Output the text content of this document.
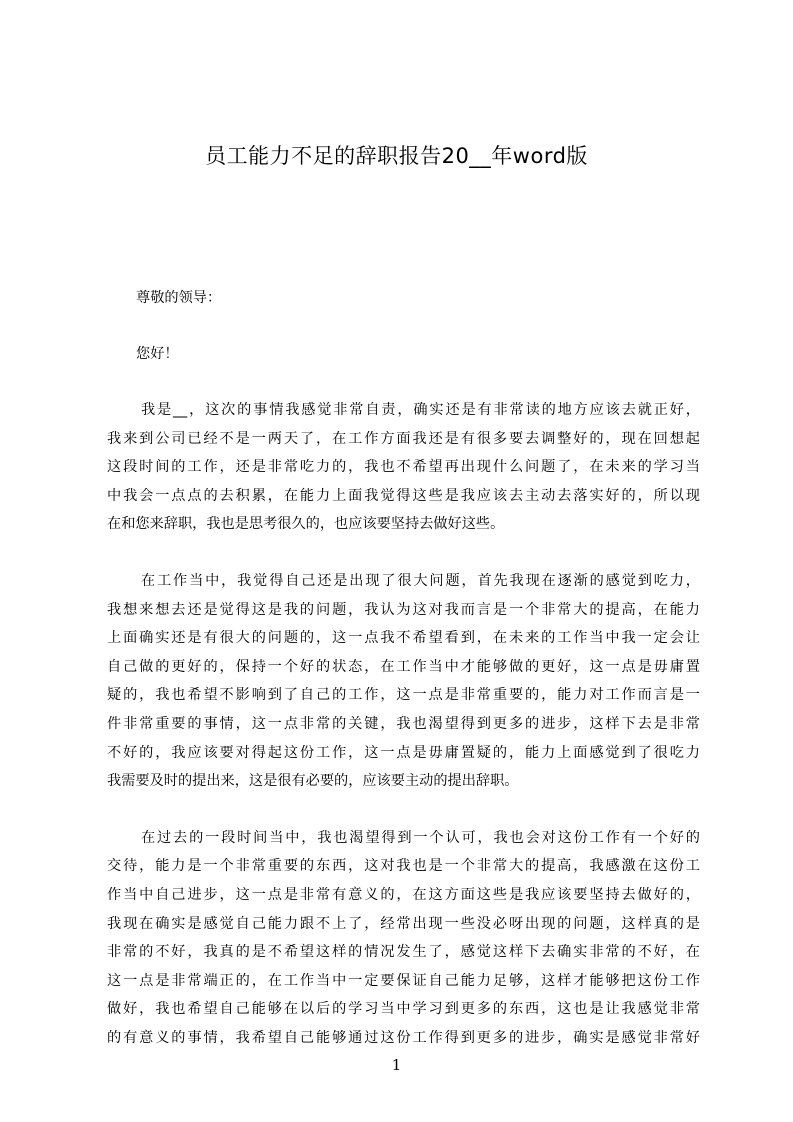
员工能力不足的辞职报告20__年word版
尊敬的领导：
您好！
我是__，这次的事情我感觉非常自责，确实还是有非常读的地方应该去就正好，
我来到公司已经不是一两天了，在工作方面我还是有很多要去调整好的，现在回想起
这段时间的工作，还是非常吃力的，我也不希望再出现什么问题了，在未来的学习当
中我会一点点的去积累，在能力上面我觉得这些是我应该去主动去落实好的，所以现
在和您来辞职，我也是思考很久的，也应该要坚持去做好这些。
在工作当中，我觉得自己还是出现了很大问题，首先我现在逐渐的感觉到吃力，
我想来想去还是觉得这是我的问题，我认为这对我而言是一个非常大的提高，在能力
上面确实还是有很大的问题的，这一点我不希望看到，在未来的工作当中我一定会让
自己做的更好的，保持一个好的状态，在工作当中才能够做的更好，这一点是毋庸置
疑的，我也希望不影响到了自己的工作，这一点是非常重要的，能力对工作而言是一
件非常重要的事情，这一点非常的关键，我也渴望得到更多的进步，这样下去是非常
不好的，我应该要对得起这份工作，这一点是毋庸置疑的，能力上面感觉到了很吃力
我需要及时的提出来，这是很有必要的，应该要主动的提出辞职。
在过去的一段时间当中，我也渴望得到一个认可，我也会对这份工作有一个好的
交待，能力是一个非常重要的东西，这对我也是一个非常大的提高，我感激在这份工
作当中自己进步，这一点是非常有意义的，在这方面这些是我应该要坚持去做好的，
我现在确实是感觉自己能力跟不上了，经常出现一些没必呀出现的问题，这样真的是
非常的不好，我真的是不希望这样的情况发生了，感觉这样下去确实非常的不好，在
这一点是非常端正的，在工作当中一定要保证自己能力足够，这样才能够把这份工作
做好，我也希望自己能够在以后的学习当中学习到更多的东西，这也是让我感觉非常
的有意义的事情，我希望自己能够通过这份工作得到更多的进步，确实是感觉非常好
1
